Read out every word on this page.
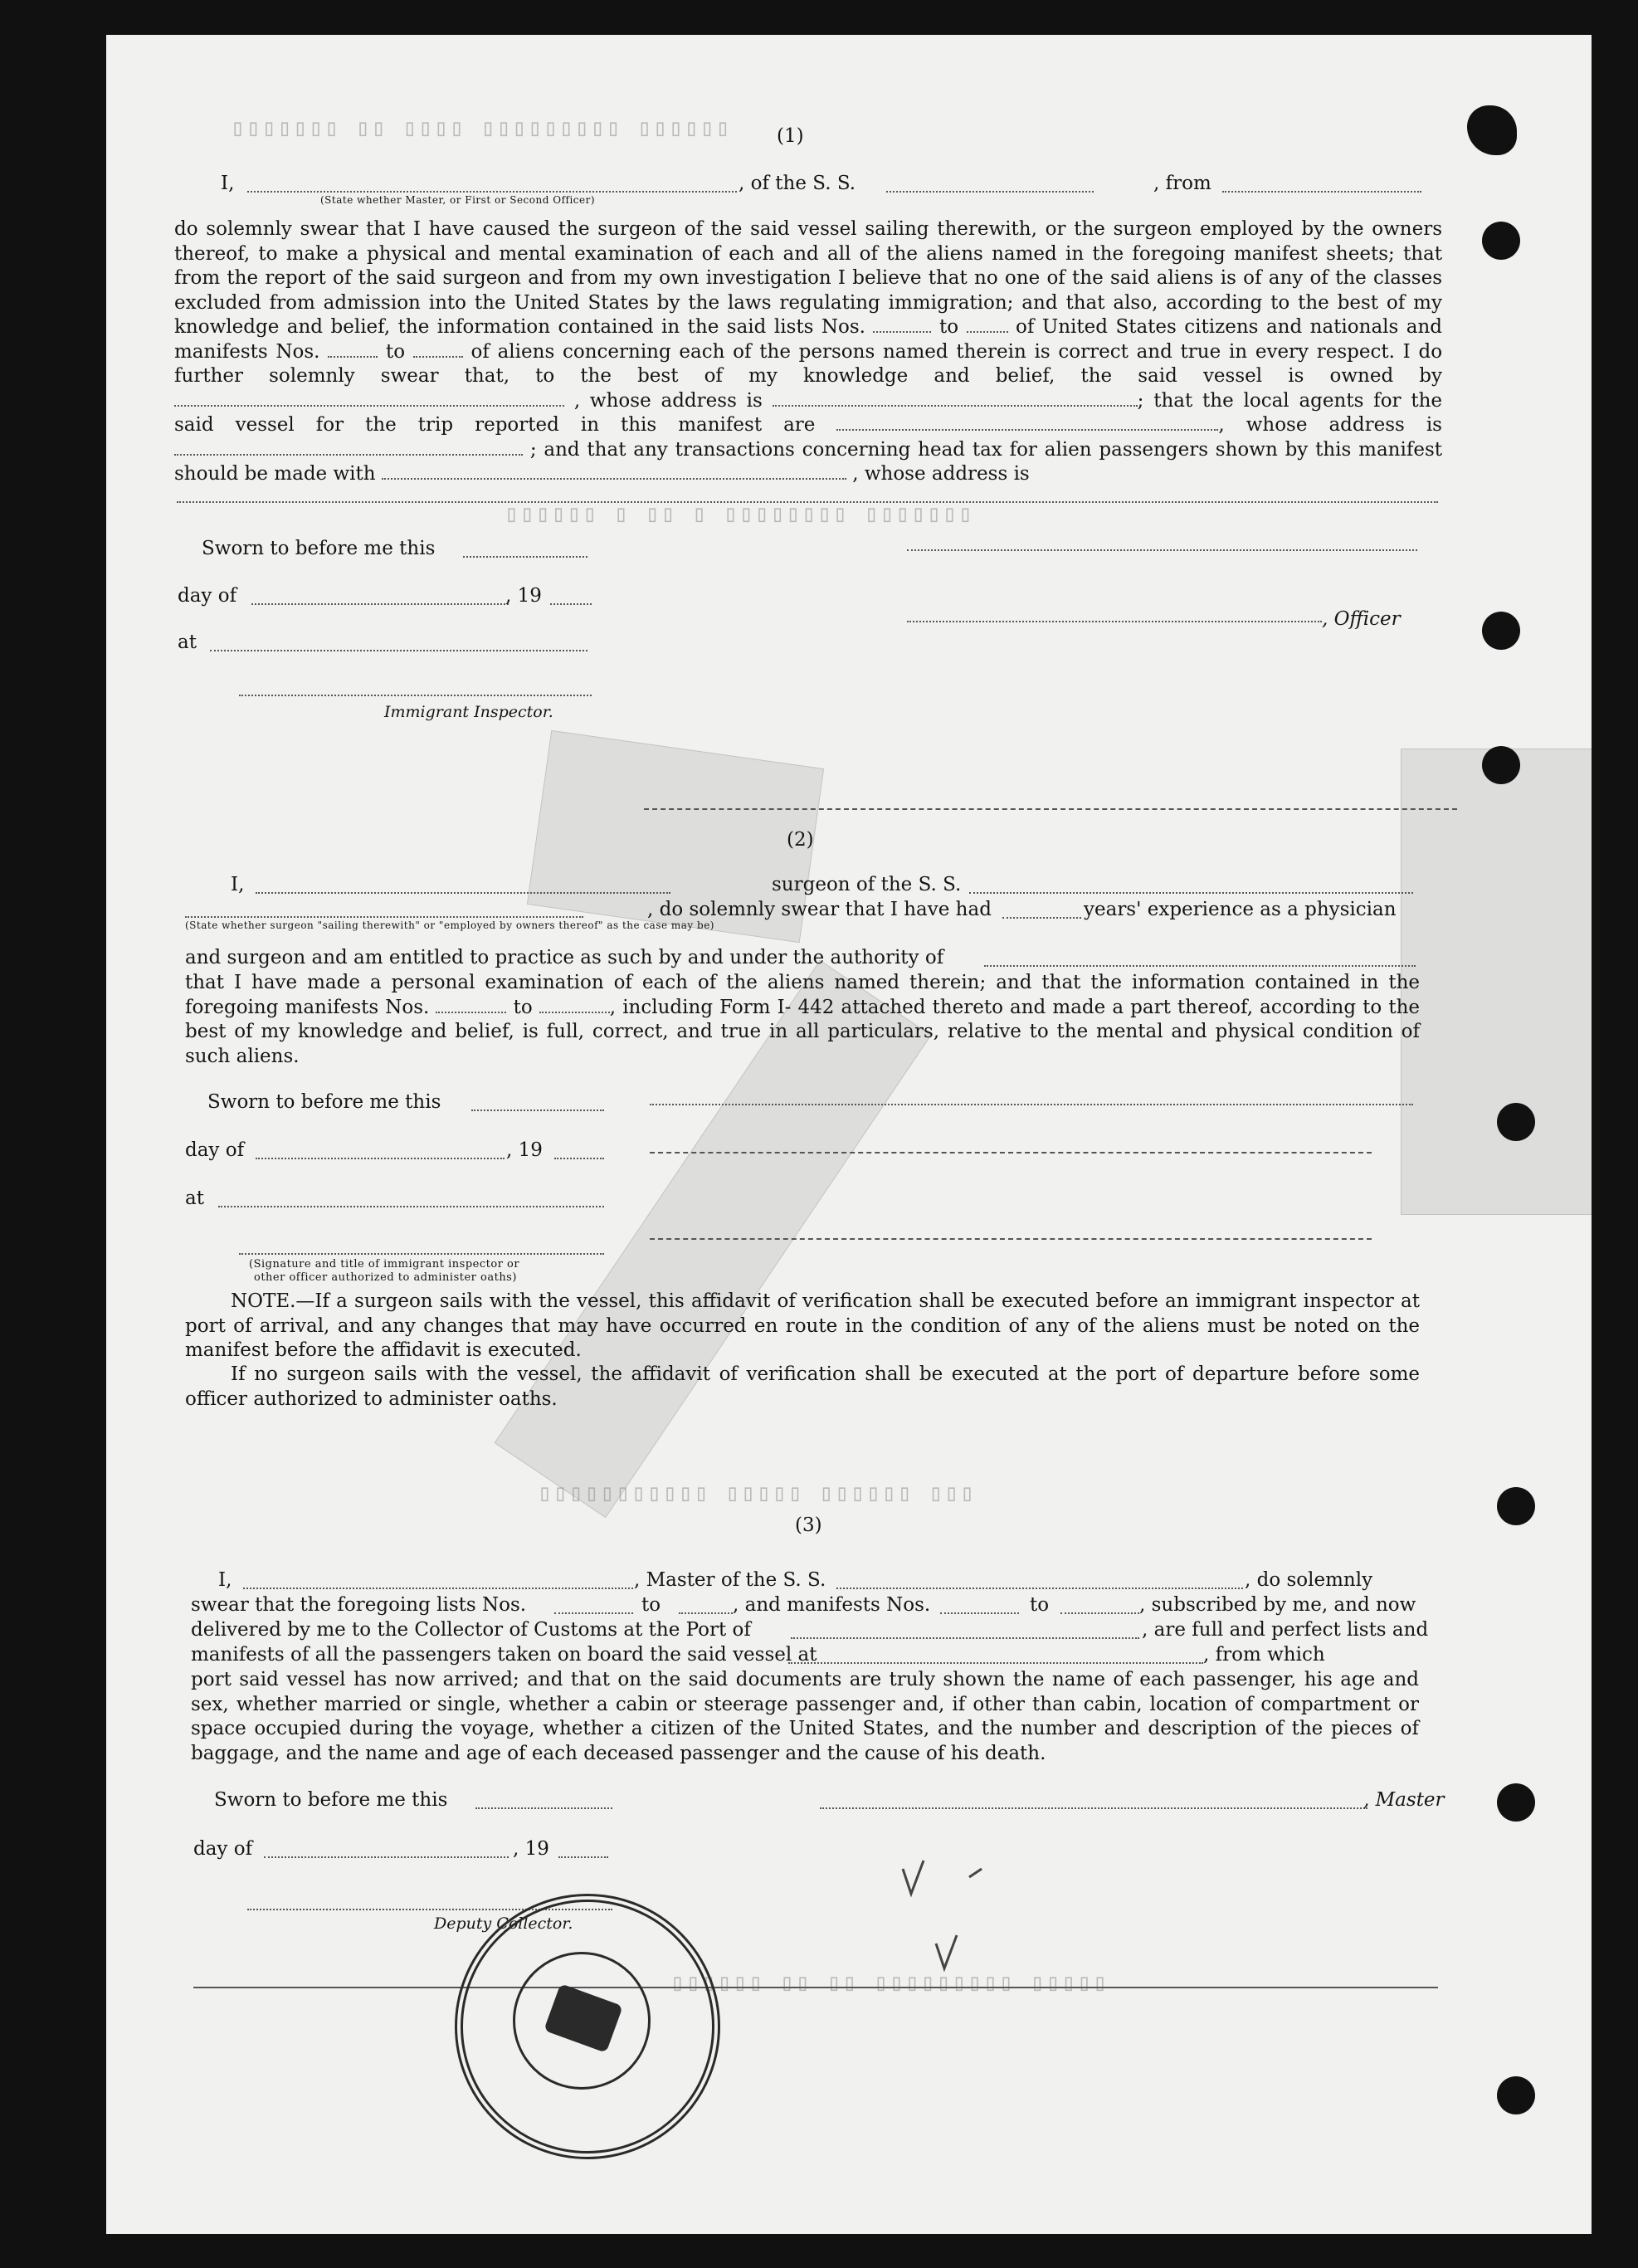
▯▯▯▯▯▯▯ ▯▯ ▯▯▯▯ ▯▯▯▯▯▯▯▯▯ ▯▯▯▯▯▯
▯▯▯▯▯▯ ▯ ▯▯ ▯ ▯▯▯▯▯▯▯▯ ▯▯▯▯▯▯▯
▯▯▯▯▯▯▯▯▯▯▯ ▯▯▯▯▯ ▯▯▯▯▯▯ ▯▯▯
▯▯▯▯▯▯ ▯▯ ▯▯ ▯▯▯▯▯▯▯▯▯ ▯▯▯▯▯
(1)
I,
(State whether Master, or First or Second Officer)
, of the S. S.	, from
do solemnly swear that I have caused the surgeon of the said vessel sailing therewith, or the surgeon employed by the owners thereof, to make a physical and mental examination of each and all of the aliens named in the foregoing manifest sheets; that from the report of the said surgeon and from my own investigation I believe that no one of the said aliens is of any of the classes excluded from admission into the United States by the laws regulating immigration; and that also, according to the best of my knowledge and belief, the information contained in the said lists Nos.	to	of United States citizens and nationals and manifests Nos.	to	of aliens concerning each of the persons named therein is correct and true in every respect. I do further solemnly swear that, to the best of my knowledge and belief, the said vessel is owned by  , whose address is	; that the local agents for the said vessel for the trip reported in this manifest are	, whose address is  ; and that any transactions concerning head tax for alien passengers shown by this manifest should be made with	, whose address is
Sworn to before me this
day of	, 19
at
, Officer
Immigrant Inspector.
(2)
I,	surgeon of the S. S.
(State whether surgeon "sailing therewith" or "employed by owners thereof" as the case may be)
, do solemnly swear that I have had	years' experience as a physician
and surgeon and am entitled to practice as such by and under the authority of
that I have made a personal examination of each of the aliens named therein; and that the information contained in the foregoing manifests Nos.	to	, including Form I- 442 attached thereto and made a part thereof, according to the best of my knowledge and belief, is full, correct, and true in all particulars, relative to the mental and physical condition of such aliens.
Sworn to before me this
day of	, 19
at
(Signature and title of immigrant inspector or
other officer authorized to administer oaths)
NOTE.—If a surgeon sails with the vessel, this affidavit of verification shall be executed before an immigrant inspector at port of arrival, and any changes that may have occurred en route in the condition of any of the aliens must be noted on the manifest before the affidavit is executed.
If no surgeon sails with the vessel, the affidavit of verification shall be executed at the port of departure before some officer authorized to administer oaths.
(3)
I,	, Master of the S. S.	, do solemnly
swear that the foregoing lists Nos.	to	, and manifests Nos.	to	, subscribed by me, and now
delivered by me to the Collector of Customs at the Port of	, are full and perfect lists and
manifests of all the passengers taken on board the said vessel at	, from which
port said vessel has now arrived; and that on the said documents are truly shown the name of each passenger, his age and sex, whether married or single, whether a cabin or steerage passenger and, if other than cabin, location of compartment or space occupied during the voyage, whether a citizen of the United States, and the number and description of the pieces of baggage, and the name and age of each deceased passenger and the cause of his death.
Sworn to before me this	, Master
day of	, 19
Deputy Collector.
